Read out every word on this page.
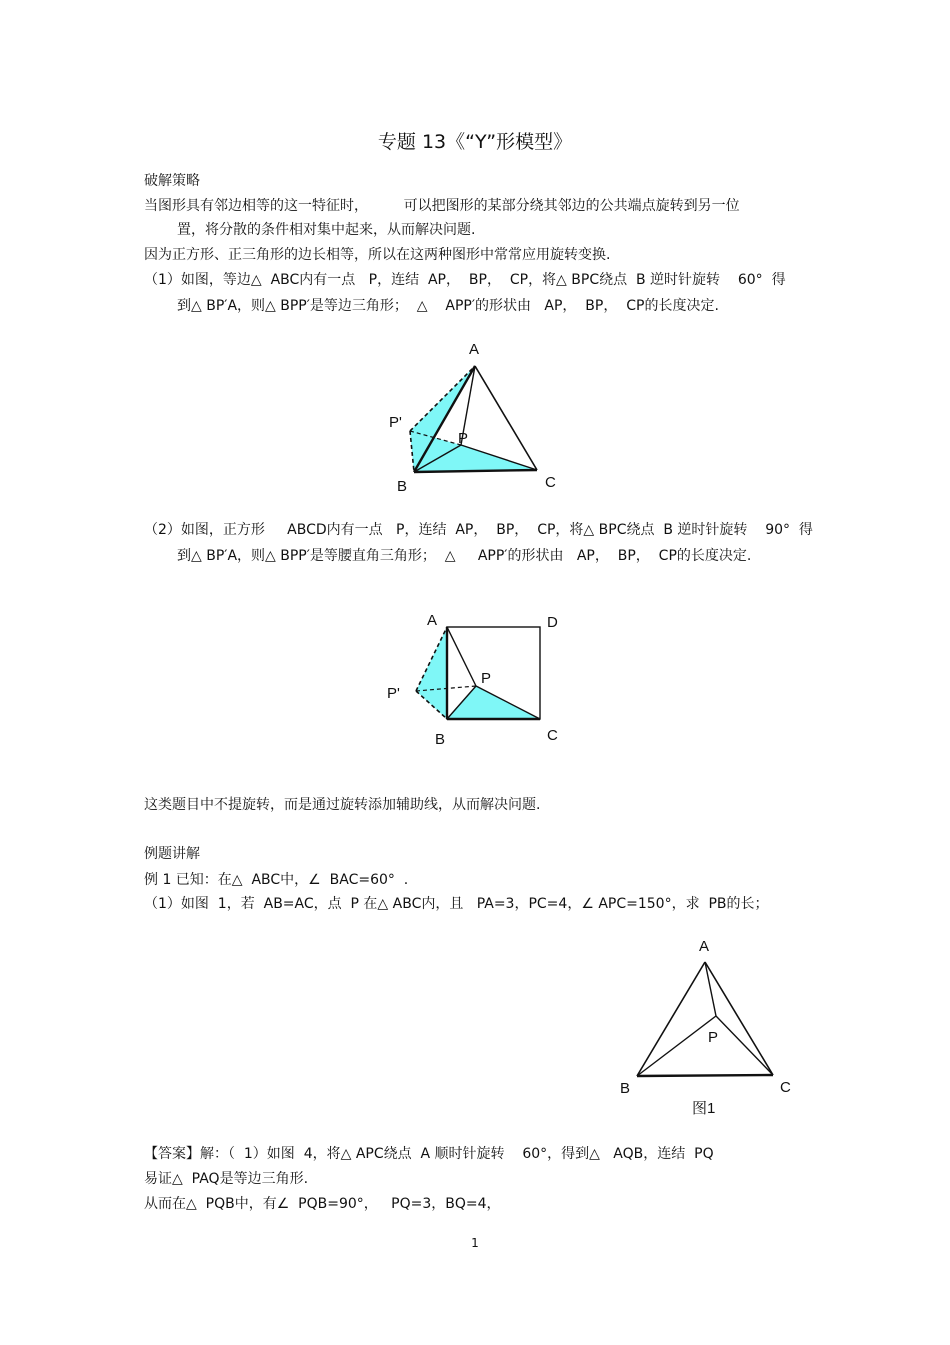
专题 13《“Y”形模型》
破解策略
当图形具有邻边相等的这一特征时，        可以把图形的某部分绕其邻边的公共端点旋转到另一位
置，将分散的条件相对集中起来，从而解决问题.
因为正方形、正三角形的边长相等，所以在这两种图形中常常应用旋转变换.
（1）如图，等边△  ABC内有一点   P，连结  AP，  BP，  CP，将△ BPC绕点  B 逆时针旋转    60°  得
到△ BP′A，则△ BPP′是等边三角形；  △    APP′的形状由   AP，  BP，  CP的长度决定.
A
P'
P
B	C
（2）如图，正方形     ABCD内有一点   P，连结  AP，  BP，  CP，将△ BPC绕点  B 逆时针旋转    90°  得
到△ BP′A，则△ BPP′是等腰直角三角形；  △     APP′的形状由   AP，  BP，  CP的长度决定.
A	D
P'
P
B	C
这类题目中不提旋转，而是通过旋转添加辅助线，从而解决问题.
例题讲解
例 1 已知：在△  ABC中，∠  BAC=60°  .
（1）如图  1，若  AB=AC，点  P 在△ ABC内，且   PA=3，PC=4，∠ APC=150°，求  PB的长；
A
P
B	C
图1
【答案】解：（  1）如图  4，将△ APC绕点  A 顺时针旋转    60°，得到△   AQB，连结  PQ
易证△  PAQ是等边三角形.
从而在△  PQB中，有∠  PQB=90°，   PQ=3，BQ=4，
1
